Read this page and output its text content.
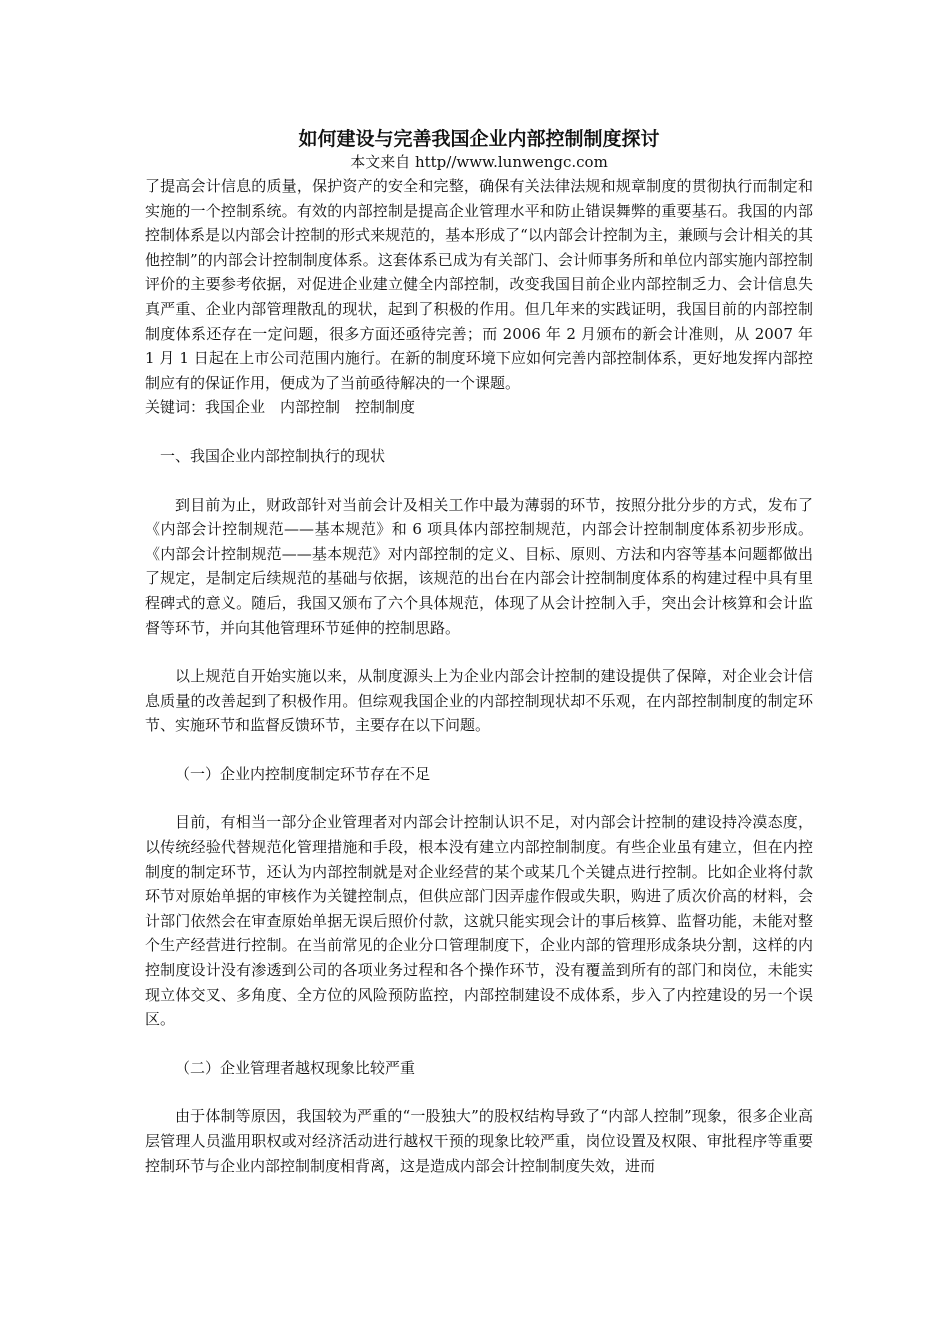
如何建设与完善我国企业内部控制制度探讨

本文来自 http//www.lunwengc.com

了提高会计信息的质量，保护资产的安全和完整，确保有关法律法规和规章制度的贯彻执行而制定和实施的一个控制系统。有效的内部控制是提高企业管理水平和防止错误舞弊的重要基石。我国的内部控制体系是以内部会计控制的形式来规范的，基本形成了“以内部会计控制为主，兼顾与会计相关的其他控制”的内部会计控制制度体系。这套体系已成为有关部门、会计师事务所和单位内部实施内部控制评价的主要参考依据，对促进企业建立健全内部控制，改变我国目前企业内部控制乏力、会计信息失真严重、企业内部管理散乱的现状，起到了积极的作用。但几年来的实践证明，我国目前的内部控制制度体系还存在一定问题，很多方面还亟待完善；而 2006 年 2 月颁布的新会计准则，从 2007 年 1 月 1 日起在上市公司范围内施行。在新的制度环境下应如何完善内部控制体系，更好地发挥内部控制应有的保证作用，便成为了当前亟待解决的一个课题。

关键词：我国企业 内部控制 控制制度

一、我国企业内部控制执行的现状

到目前为止，财政部针对当前会计及相关工作中最为薄弱的环节，按照分批分步的方式，发布了《内部会计控制规范——基本规范》和 6 项具体内部控制规范，内部会计控制制度体系初步形成。《内部会计控制规范——基本规范》对内部控制的定义、目标、原则、方法和内容等基本问题都做出了规定，是制定后续规范的基础与依据，该规范的出台在内部会计控制制度体系的构建过程中具有里程碑式的意义。随后，我国又颁布了六个具体规范，体现了从会计控制入手，突出会计核算和会计监督等环节，并向其他管理环节延伸的控制思路。

以上规范自开始实施以来，从制度源头上为企业内部会计控制的建设提供了保障，对企业会计信息质量的改善起到了积极作用。但综观我国企业的内部控制现状却不乐观，在内部控制制度的制定环节、实施环节和监督反馈环节，主要存在以下问题。

（一）企业内控制度制定环节存在不足

目前，有相当一部分企业管理者对内部会计控制认识不足，对内部会计控制的建设持冷漠态度，以传统经验代替规范化管理措施和手段，根本没有建立内部控制制度。有些企业虽有建立，但在内控制度的制定环节，还认为内部控制就是对企业经营的某个或某几个关键点进行控制。比如企业将付款环节对原始单据的审核作为关键控制点，但供应部门因弄虚作假或失职，购进了质次价高的材料，会计部门依然会在审查原始单据无误后照价付款，这就只能实现会计的事后核算、监督功能，未能对整个生产经营进行控制。在当前常见的企业分口管理制度下，企业内部的管理形成条块分割，这样的内控制度设计没有渗透到公司的各项业务过程和各个操作环节，没有覆盖到所有的部门和岗位，未能实现立体交叉、多角度、全方位的风险预防监控，内部控制建设不成体系，步入了内控建设的另一个误区。

（二）企业管理者越权现象比较严重

由于体制等原因，我国较为严重的“一股独大”的股权结构导致了“内部人控制”现象，很多企业高层管理人员滥用职权或对经济活动进行越权干预的现象比较严重，岗位设置及权限、审批程序等重要控制环节与企业内部控制制度相背离，这是造成内部会计控制制度失效，进而
